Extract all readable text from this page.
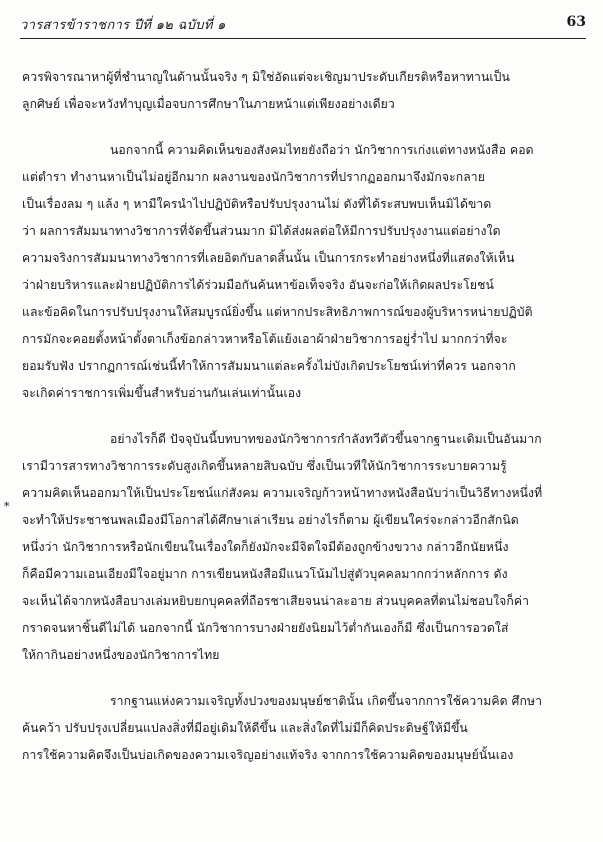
วารสารข้าราชการ ปีที่ ๑๒ ฉบับที่ ๑	63
*

ควรพิจารณาหาผู้ที่ชำนาญในด้านนั้นจริง ๆ มิใช่อัดแต่จะเชิญมาประดับเกียรติหรือหาทานเป็น

ลูกศิษย์ เพื่อจะหวังทำบุญเมื่อจบการศึกษาในภายหน้าแต่เพียงอย่างเดียว

นอกจากนี้ ความคิดเห็นของสังคมไทยยังถือว่า นักวิชาการเก่งแต่ทางหนังสือ คอด

แต่ตำรา ทำงานหาเป็นไม่อยู่อีกมาก ผลงานของนักวิชาการที่ปรากฏออกมาจึงมักจะกลาย

เป็นเรื่องลม ๆ แล้ง ๆ หามีใครนำไปปฏิบัติหรือปรับปรุงงานไม่ ดังที่ได้ระสบพบเห็นมิได้ขาด

ว่า ผลการสัมมนาทางวิชาการที่จัดขึ้นส่วนมาก มิได้ส่งผลต่อให้มีการปรับปรุงงานแต่อย่างใด

ความจริงการสัมมนาทางวิชาการที่เลยอิตกับลาดสิ้นนั้น เป็นการกระทำอย่างหนึ่งที่แสดงให้เห็น

ว่าฝ่ายบริหารและฝ่ายปฏิบัติการได้ร่วมมือกันค้นหาข้อเท็จจริง อันจะก่อให้เกิดผลประโยชน์

และข้อคิดในการปรับปรุงงานให้สมบูรณ์ยิ่งขึ้น แต่หากประสิทธิภาพการณ์ของผู้บริหารหน่ายปฏิบัติ

การมักจะคอยตั้งหน้าตั้งตาเก็งข้อกล่าวหาหรือโต้แย้งเอาผ้าฝ่ายวิชาการอยู่ร่ำไป มากกว่าที่จะ

ยอมรับฟัง ปรากฏการณ์เช่นนี้ทำให้การสัมมนาแต่ละครั้งไม่บังเกิดประโยชน์เท่าที่ควร นอกจาก

จะเกิดค่าราชการเพิ่มขึ้นสำหรับอ่านกันเล่นเท่านั้นเอง

อย่างไรก็ดี ปัจจุบันนี้บทบาทของนักวิชาการกำลังทวีตัวขึ้นจากฐานะเดิมเป็นอันมาก

เรามีวารสารทางวิชาการระดับสูงเกิดขึ้นหลายสิบฉบับ ซึ่งเป็นเวทีให้นักวิชาการระบายความรู้

ความคิดเห็นออกมาให้เป็นประโยชน์แก่สังคม ความเจริญก้าวหน้าทางหนังสือนับว่าเป็นวิธีทางหนึ่งที่

จะทำให้ประชาชนพลเมืองมีโอกาสได้ศึกษาเล่าเรียน อย่างไรก็ตาม ผู้เขียนใคร่จะกล่าวอีกสักนิด

หนึ่งว่า นักวิชาการหรือนักเขียนในเรื่องใดก็ยังมักจะมีจิตใจมีต้องถูกข้างขวาง กล่าวอีกนัยหนึ่ง

ก็คือมีความเอนเอียงมีใจอยู่มาก การเขียนหนังสือมีแนวโน้มไปสู่ตัวบุคคลมากกว่าหลักการ ดัง

จะเห็นได้จากหนังสือบางเล่มหยิบยกบุคคลที่ถือรชาเสียจนน่าละอาย ส่วนบุคคลที่ตนไม่ชอบใจก็ค่า

กราดจนหาชิ้นดีไม่ได้ นอกจากนี้ นักวิชาการบางฝ่ายยังนิยมไว้ต่ำกันเองก็มี ซึ่งเป็นการอวดใส่

ให้กากินอย่างหนึ่งของนักวิชาการไทย

รากฐานแห่งความเจริญทั้งปวงของมนุษย์ชาตินั้น เกิดขึ้นจากการใช้ความคิด ศึกษา

ค้นคว้า ปรับปรุงเปลี่ยนแปลงสิ่งที่มีอยู่เดิมให้ดีขึ้น และสิ่งใดที่ไม่มีก็คิดประดิษฐ์ให้มีขึ้น

การใช้ความคิดจึงเป็นบ่อเกิดของความเจริญอย่างแท้จริง จากการใช้ความคิดของมนุษย์นั้นเอง
